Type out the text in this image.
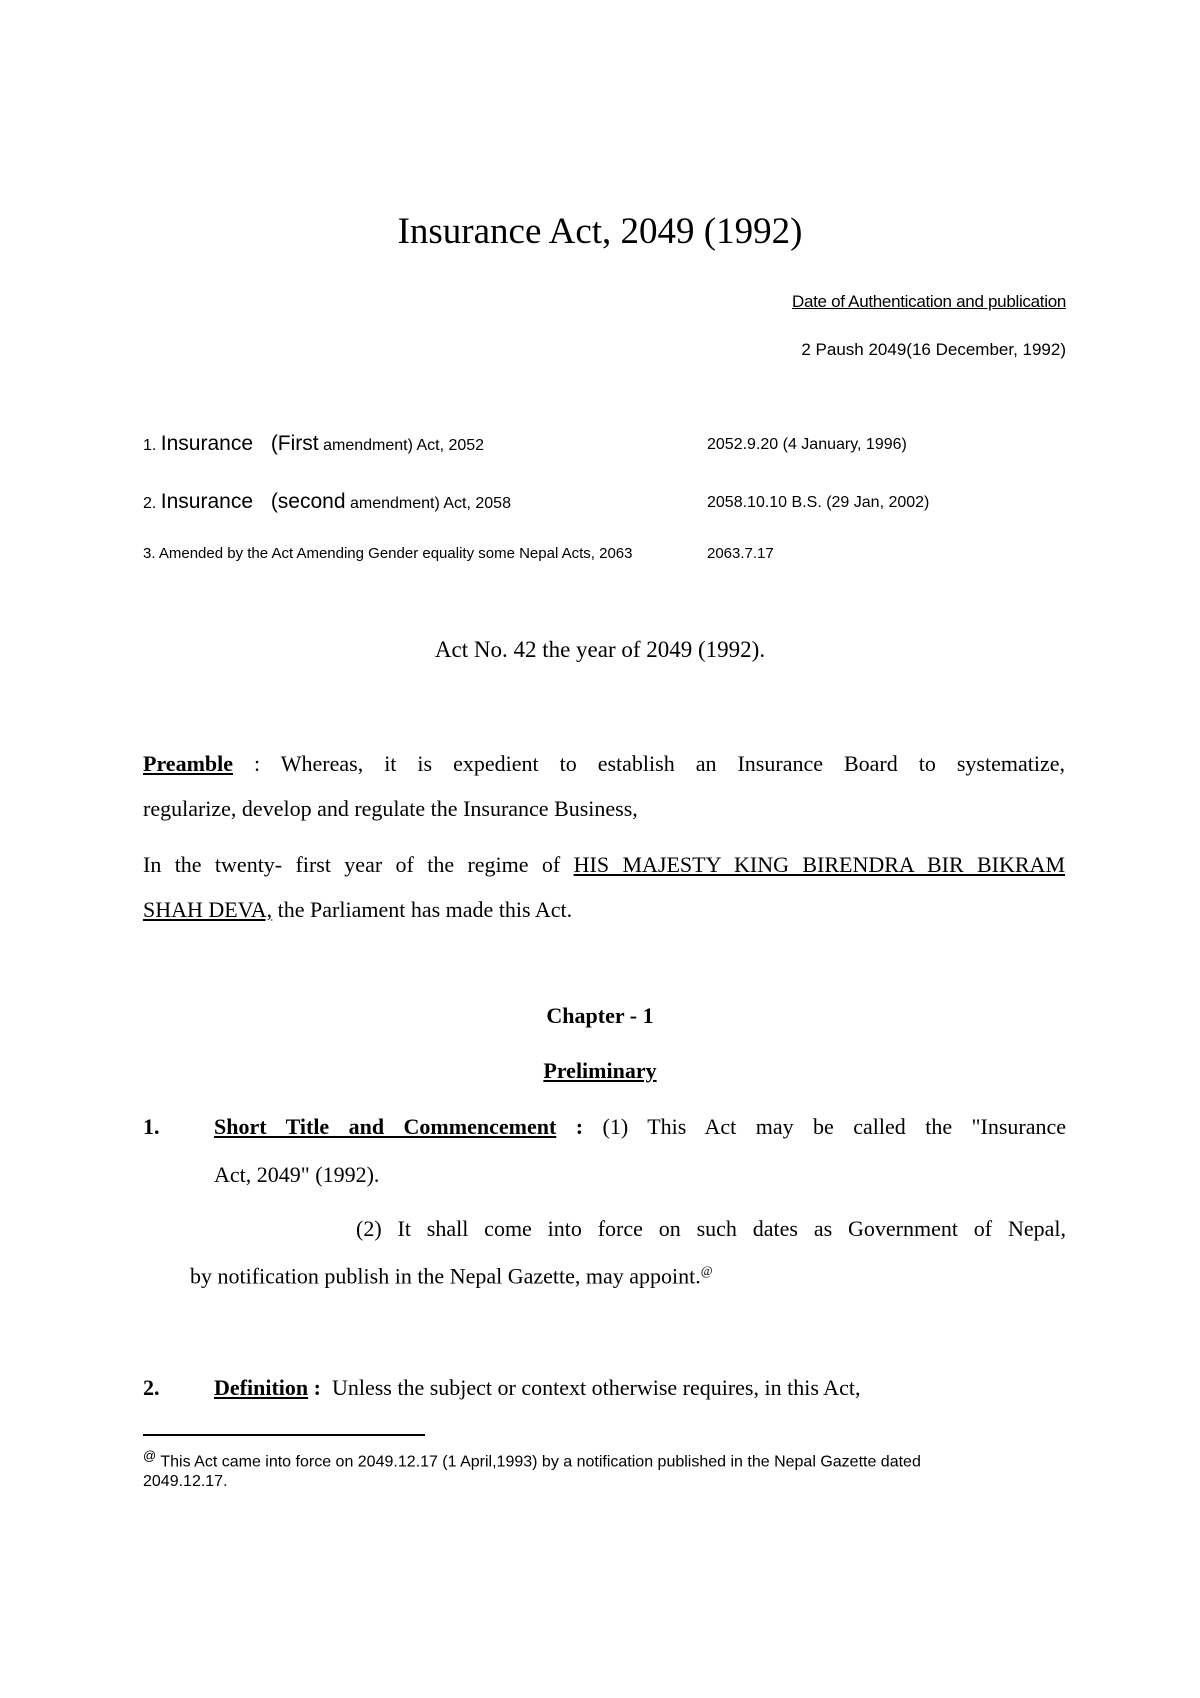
Insurance Act, 2049 (1992)
Date of Authentication and publication
2 Paush 2049(16 December, 1992)
1. Insurance (First amendment) Act, 2052	2052.9.20 (4 January, 1996)
2. Insurance (second amendment) Act, 2058	2058.10.10 B.S. (29 Jan, 2002)
3. Amended by the Act Amending Gender equality some Nepal Acts, 2063	2063.7.17
Act No. 42 the year of 2049 (1992).
Preamble : Whereas, it is expedient to establish an Insurance Board to systematize,
regularize, develop and regulate the Insurance Business,
In the twenty- first year of the regime of HIS MAJESTY KING BIRENDRA BIR BIKRAM
SHAH DEVA, the Parliament has made this Act.
Chapter - 1
Preliminary
1. Short Title and Commencement : (1) This Act may be called the "Insurance
Act, 2049" (1992).
(2) It shall come into force on such dates as Government of Nepal,
by notification publish in the Nepal Gazette, may appoint.@
2. Definition : Unless the subject or context otherwise requires, in this Act,
@ This Act came into force on 2049.12.17 (1 April,1993) by a notification published in the Nepal Gazette dated
2049.12.17.
